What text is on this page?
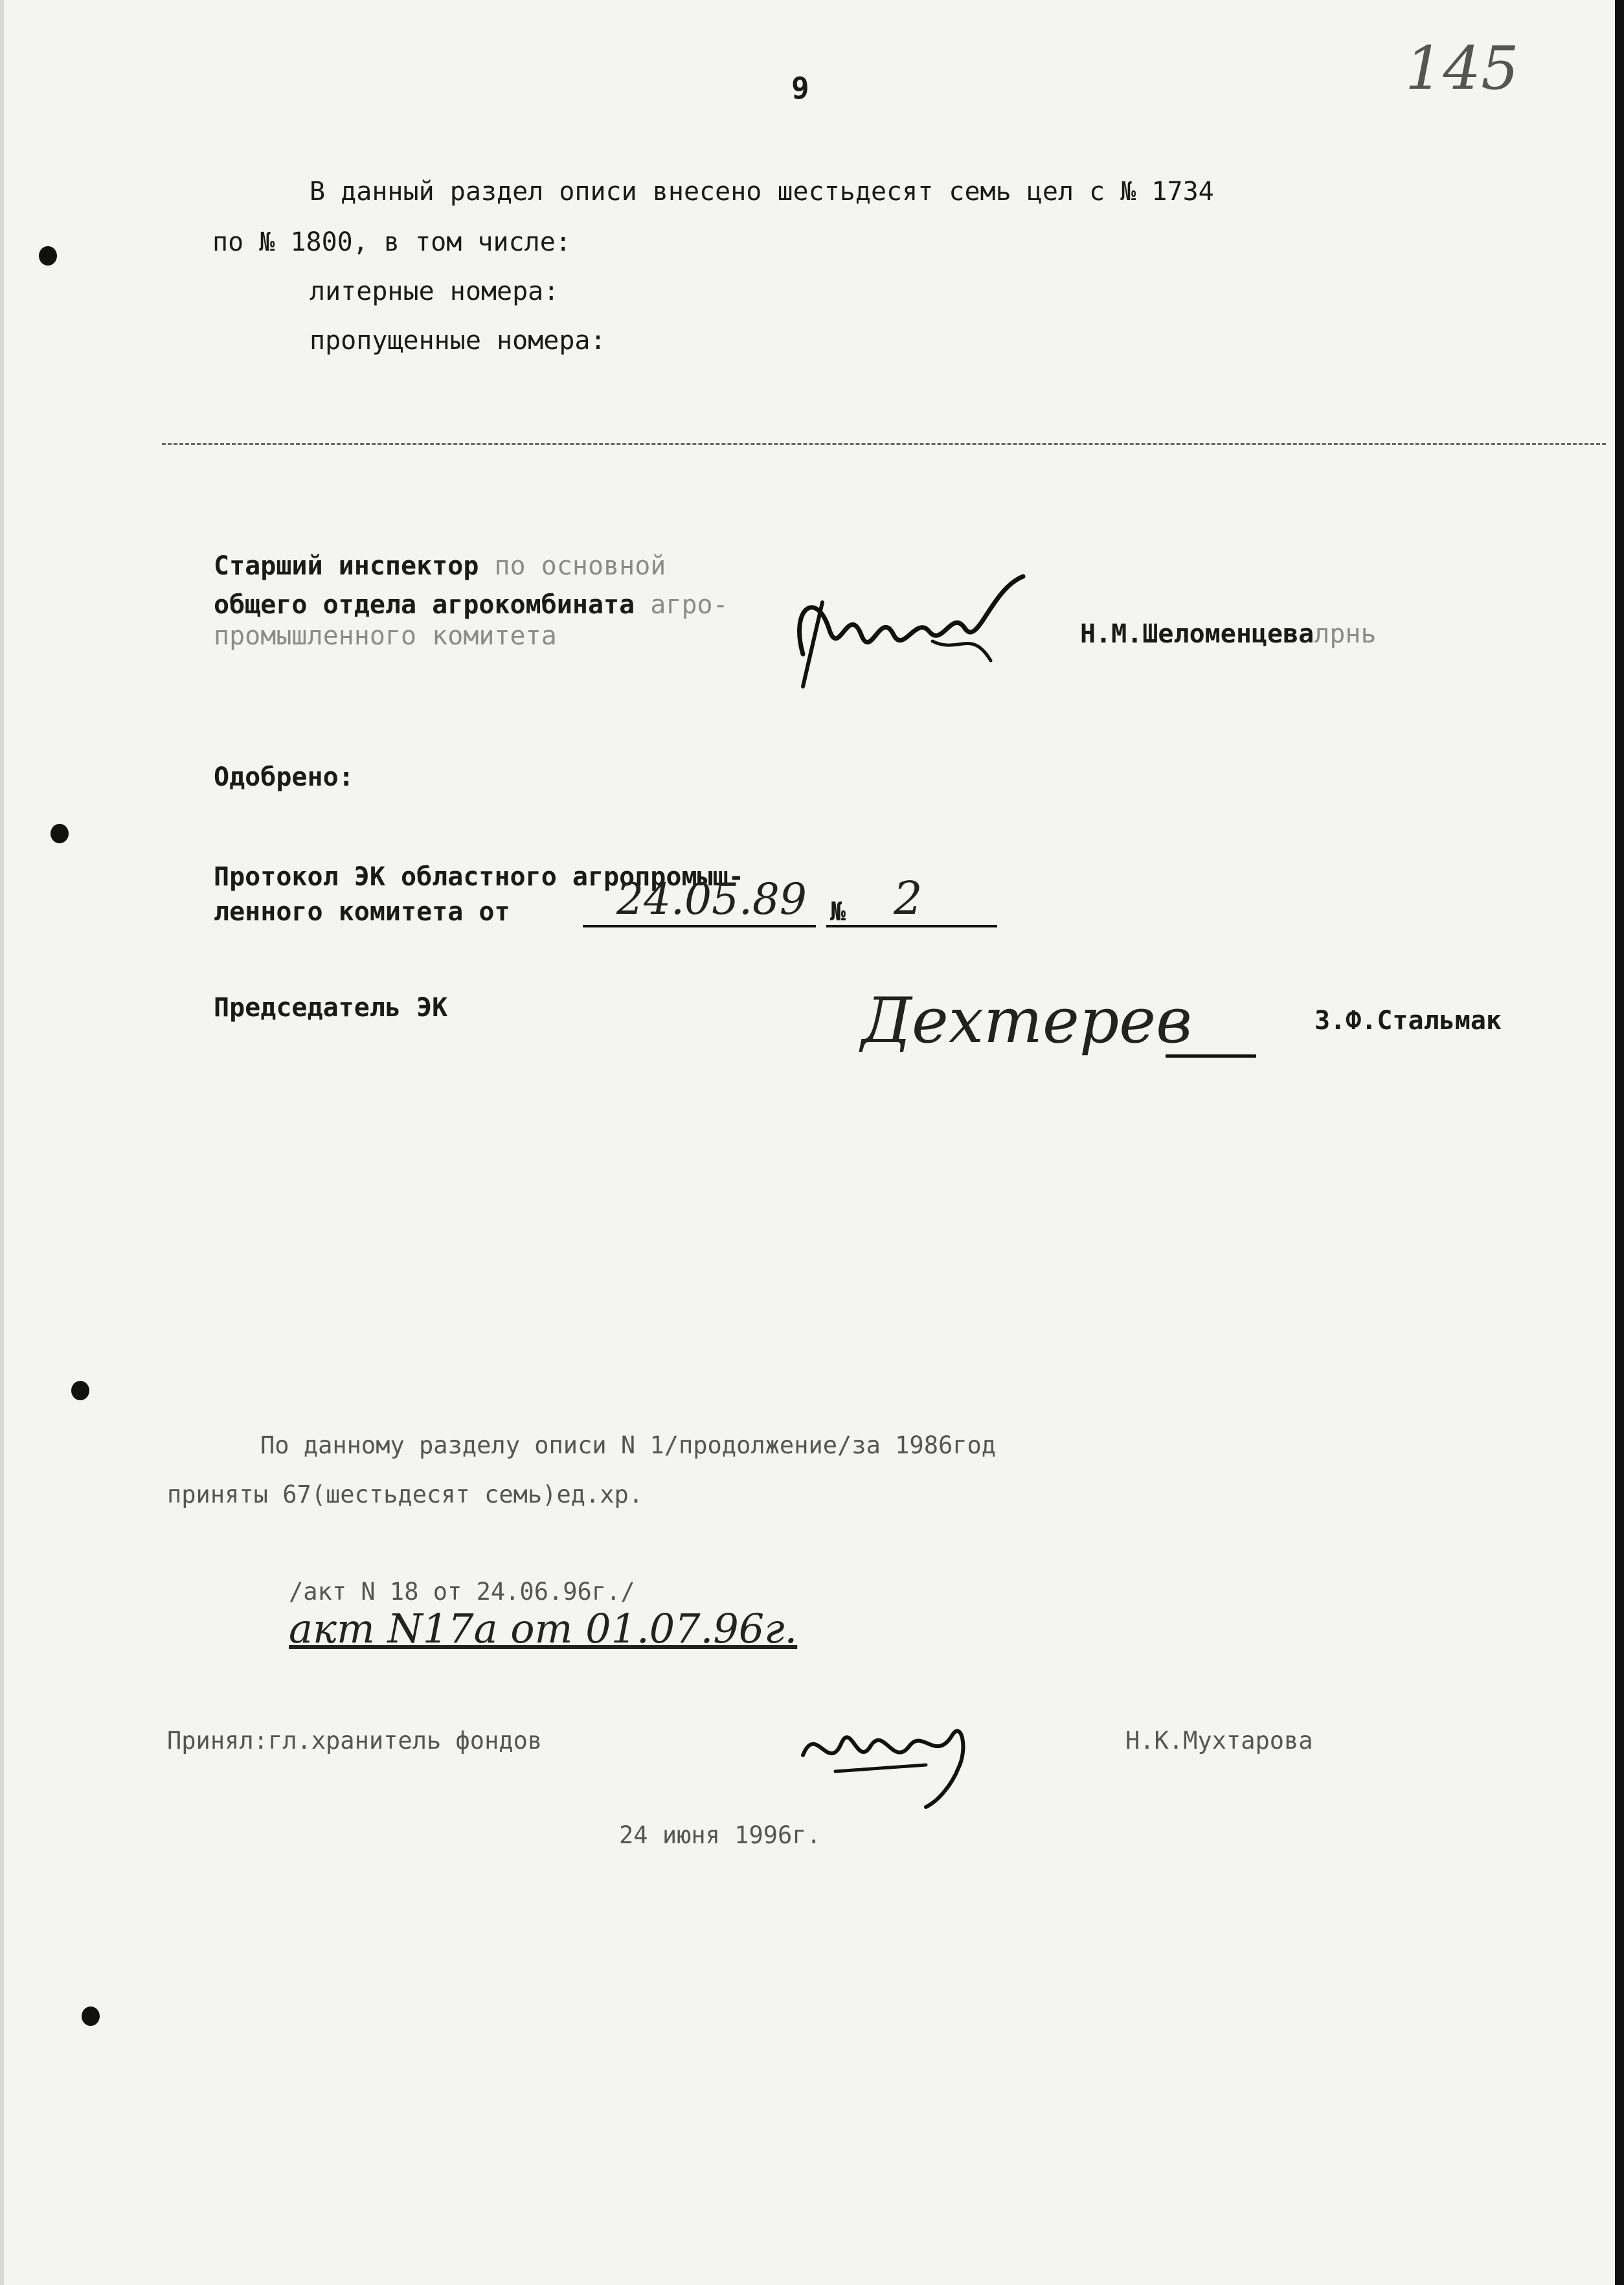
9	145
В данный раздел описи внесено шестьдесят семь цел с № 1734
по № 1800, в том числе:
литерные номера:
пропущенные номера:
Старший инспектор по основной
общего отдела агрокомбината агро-
промышленного комитета	Н.М.Шеломенцевалрнь
Одобрено:
Протокол ЭК областного агропромыш-
ленного комитета от 24.05.89 № 2
Председатель ЭК	Дехтерев	З.Ф.Стальмак
По данному разделу описи N 1/продолжение/за 1986год
приняты 67(шестьдесят семь)ед.хр.
/акт N 18 от 24.06.96г./
акт N17а от 01.07.96г.
Принял:гл.хранитель фондов	Н.К.Мухтарова
24 июня 1996г.
